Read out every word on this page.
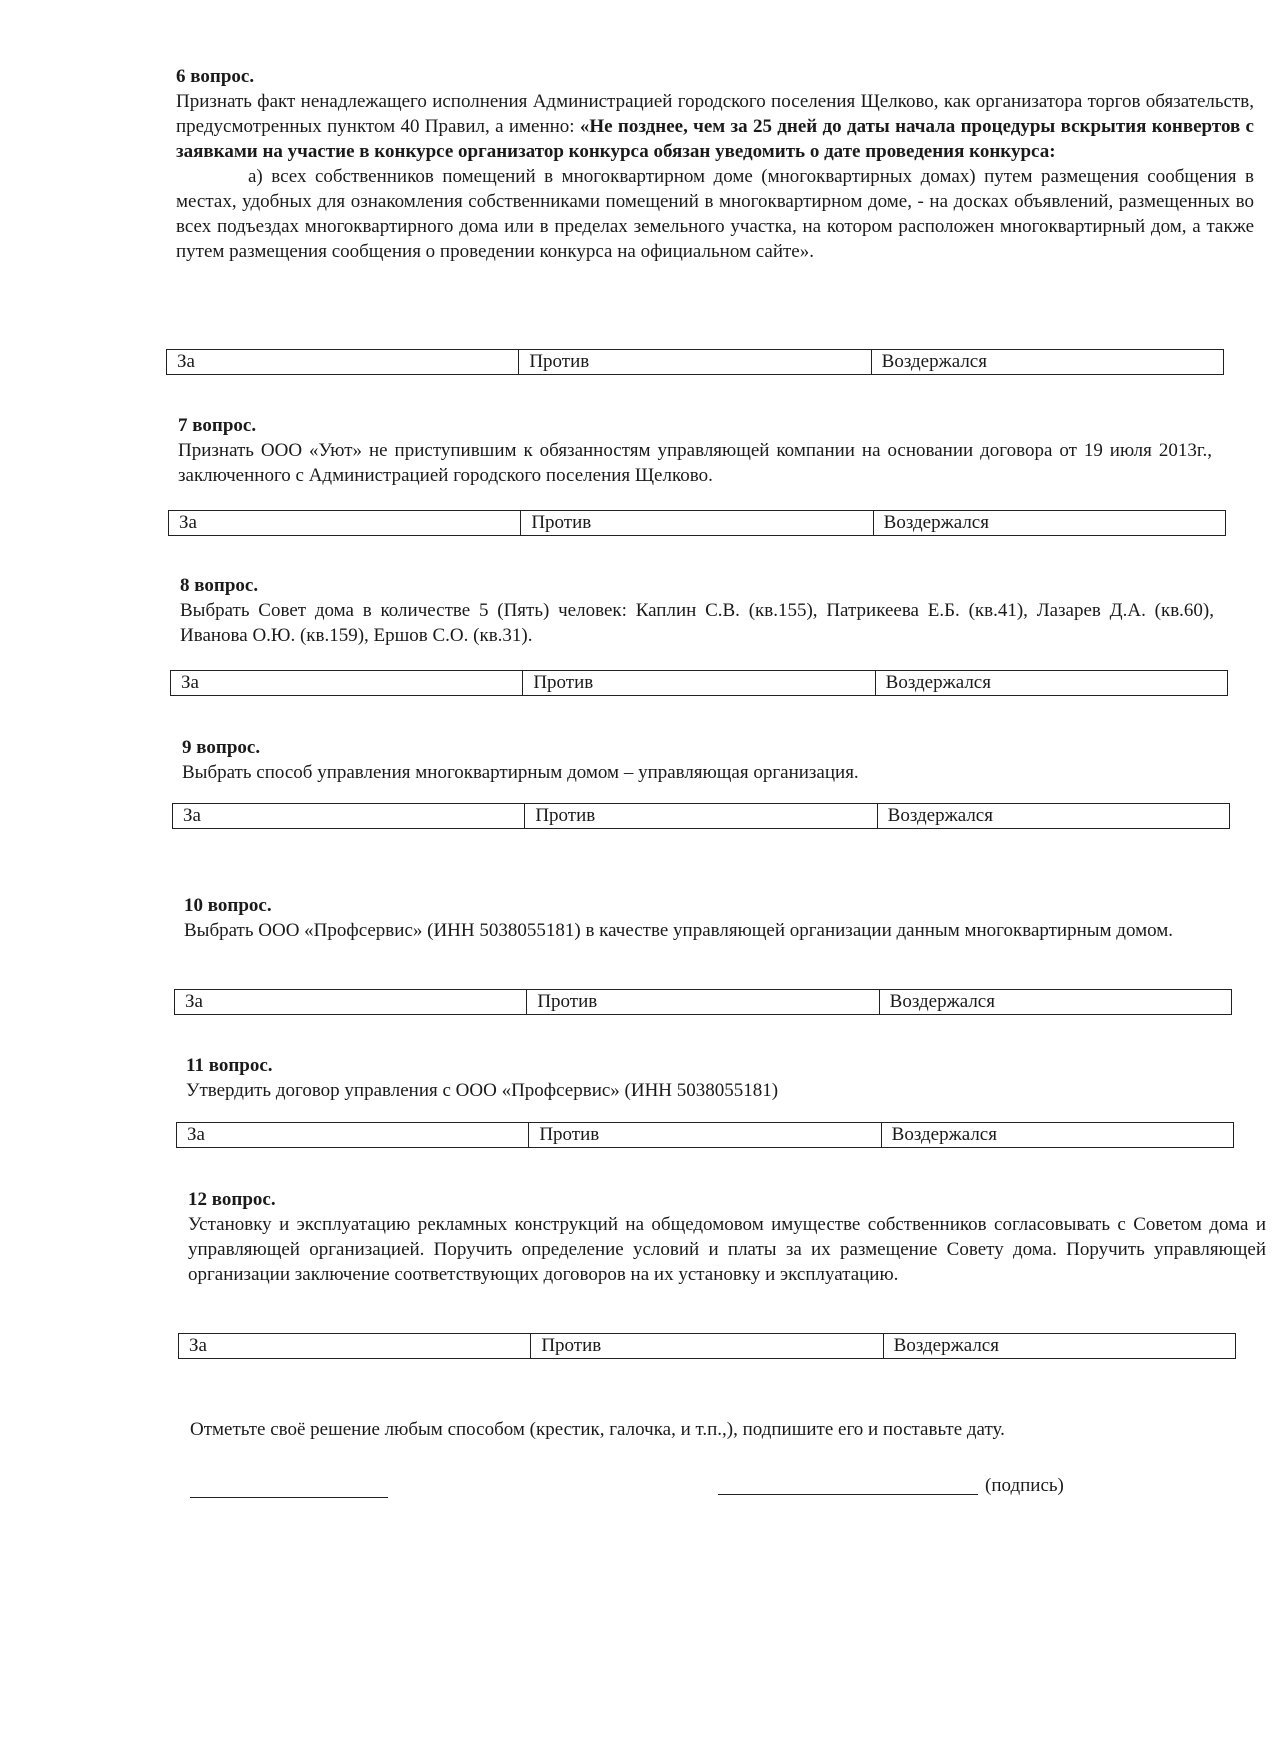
6 вопрос.
Признать факт ненадлежащего исполнения Администрацией городского поселения Щелково, как организатора торгов обязательств, предусмотренных пунктом 40 Правил, а именно: «Не позднее, чем за 25 дней до даты начала процедуры вскрытия конвертов с заявками на участие в конкурсе организатор конкурса обязан уведомить о дате проведения конкурса:
а) всех собственников помещений в многоквартирном доме (многоквартирных домах) путем размещения сообщения в местах, удобных для ознакомления собственниками помещений в многоквартирном доме, - на досках объявлений, размещенных во всех подъездах многоквартирного дома или в пределах земельного участка, на котором расположен многоквартирный дом, а также путем размещения сообщения о проведении конкурса на официальном сайте».
За	Против	Воздержался
7 вопрос.
Признать ООО «Уют» не приступившим к обязанностям управляющей компании на основании договора от 19 июля 2013г., заключенного с Администрацией городского поселения Щелково.
За	Против	Воздержался
8 вопрос.
Выбрать Совет дома в количестве 5 (Пять) человек: Каплин С.В. (кв.155), Патрикеева Е.Б. (кв.41), Лазарев Д.А. (кв.60), Иванова О.Ю. (кв.159), Ершов С.О. (кв.31).
За	Против	Воздержался
9 вопрос.
Выбрать способ управления многоквартирным домом – управляющая организация.
За	Против	Воздержался
10 вопрос.
Выбрать ООО «Профсервис» (ИНН 5038055181) в качестве управляющей организации данным многоквартирным домом.
За	Против	Воздержался
11 вопрос.
Утвердить договор управления с ООО «Профсервис» (ИНН 5038055181)
За	Против	Воздержался
12 вопрос.
Установку и эксплуатацию рекламных конструкций на общедомовом имуществе собственников согласовывать с Советом дома и управляющей организацией. Поручить определение условий и платы за их размещение Совету дома. Поручить управляющей организации заключение соответствующих договоров на их установку и эксплуатацию.
За	Против	Воздержался
Отметьте своё решение любым способом (крестик, галочка, и т.п.,), подпишите его и поставьте дату.
(подпись)
